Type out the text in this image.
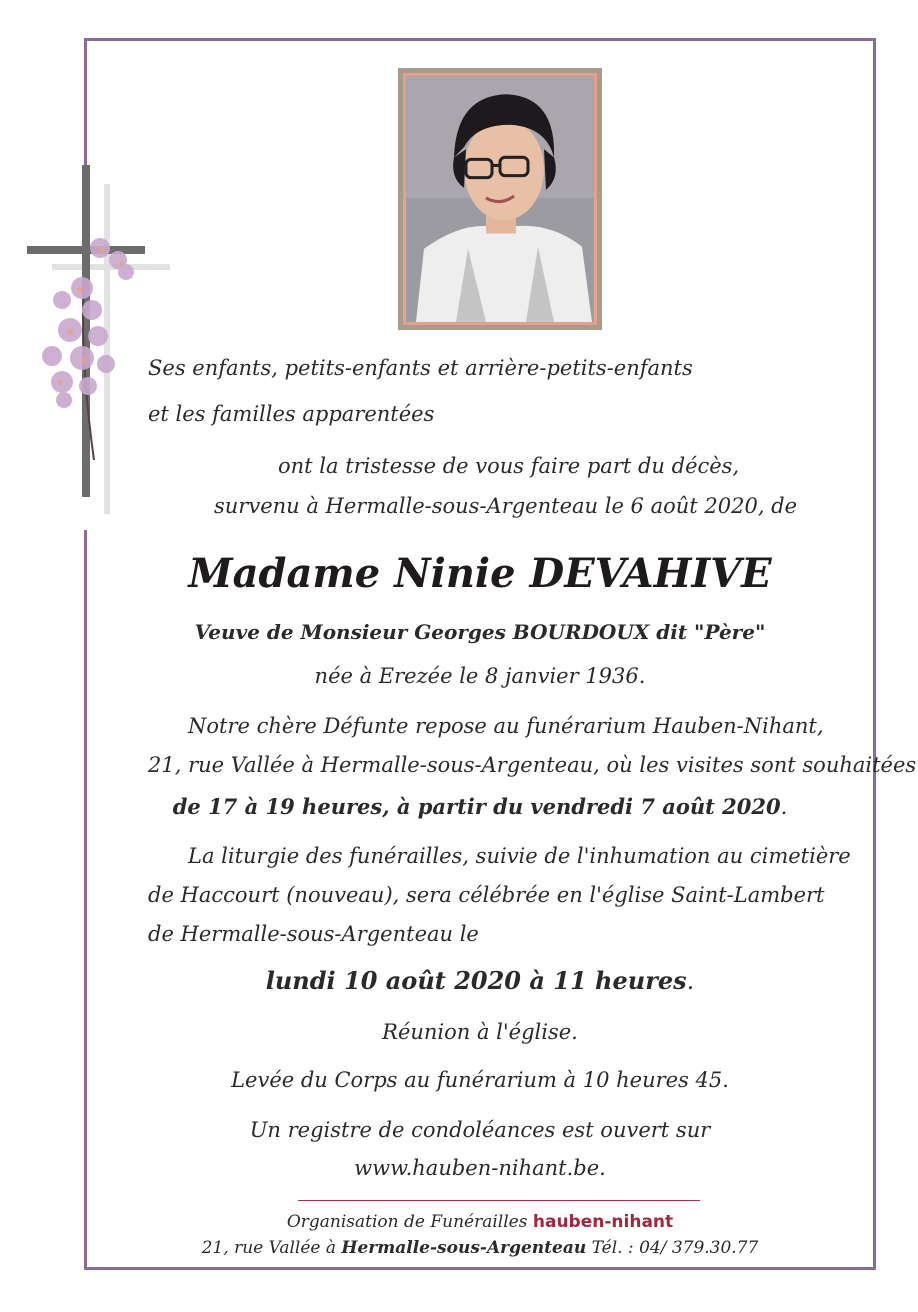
Ses enfants, petits-enfants et arrière-petits-enfants

et les familles apparentées

ont la tristesse de vous faire part du décès,

survenu à Hermalle-sous-Argenteau le 6 août 2020, de

Madame Ninie DEVAHIVE

Veuve de Monsieur Georges BOURDOUX dit "Père"

née à Erezée le 8 janvier 1936.

Notre chère Défunte repose au funérarium Hauben-Nihant,

21, rue Vallée à Hermalle-sous-Argenteau, où les visites sont souhaitées

de 17 à 19 heures, à partir du vendredi 7 août 2020.

La liturgie des funérailles, suivie de l'inhumation au cimetière

de Haccourt (nouveau), sera célébrée en l'église Saint-Lambert

de Hermalle-sous-Argenteau le

lundi 10 août 2020 à 11 heures.

Réunion à l'église.

Levée du Corps au funérarium à 10 heures 45.

Un registre de condoléances est ouvert sur

www.hauben-nihant.be.

Organisation de Funérailles hauben-nihant

21, rue Vallée à Hermalle-sous-Argenteau Tél. : 04/ 379.30.77
